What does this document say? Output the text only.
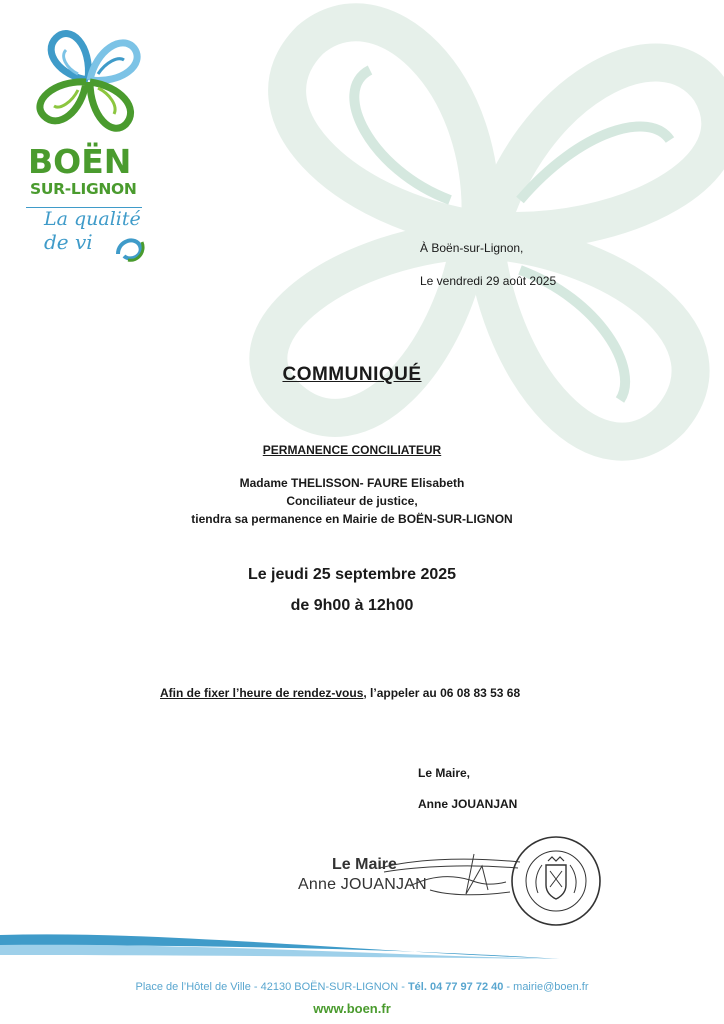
BOËN
SUR-LIGNON
La qualité
de vi	À Boën-sur-Lignon,
Le vendredi 29 août 2025
COMMUNIQUÉ
PERMANENCE CONCILIATEUR
Madame THELISSON- FAURE Elisabeth
Conciliateur de justice,
tiendra sa permanence en Mairie de BOËN-SUR-LIGNON
Le jeudi 25 septembre 2025
de 9h00 à 12h00
Afin de fixer l’heure de rendez-vous, l’appeler au 06 08 83 53 68
Le Maire,
Anne JOUANJAN
Le Maire
Anne JOUANJAN
Place de l’Hôtel de Ville - 42130 BOËN-SUR-LIGNON - Tél. 04 77 97 72 40 - mairie@boen.fr
www.boen.fr
